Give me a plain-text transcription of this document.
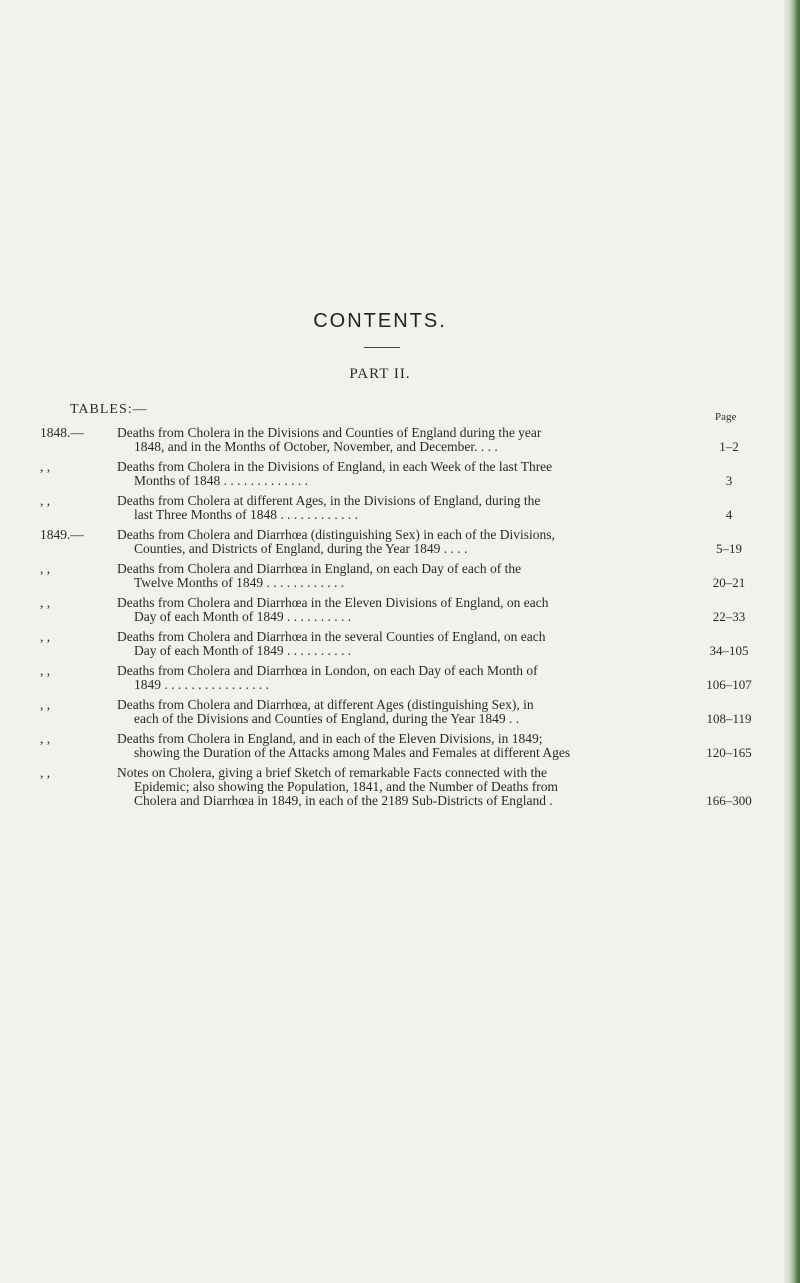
CONTENTS.
PART II.
TABLES:—	Page
1848.— Deaths from Cholera in the Divisions and Counties of England during the year
1848, and in the Months of October, November, and December. . . .	1–2
, ,	Deaths from Cholera in the Divisions of England, in each Week of the last Three
Months of 1848 . . . . . . . . . . . . .	3
, ,	Deaths from Cholera at different Ages, in the Divisions of England, during the
last Three Months of 1848 . . . . . . . . . . . .	4
1849.— Deaths from Cholera and Diarrhœa (distinguishing Sex) in each of the Divisions,
Counties, and Districts of England, during the Year 1849 . . . .	5–19
, ,	Deaths from Cholera and Diarrhœa in England, on each Day of each of the
Twelve Months of 1849 . . . . . . . . . . . .	20–21
, ,	Deaths from Cholera and Diarrhœa in the Eleven Divisions of England, on each
Day of each Month of 1849 . . . . . . . . . .	22–33
, ,	Deaths from Cholera and Diarrhœa in the several Counties of England, on each
Day of each Month of 1849 . . . . . . . . . .	34–105
, ,	Deaths from Cholera and Diarrhœa in London, on each Day of each Month of
1849 . . . . . . . . . . . . . . . .	106–107
, ,	Deaths from Cholera and Diarrhœa, at different Ages (distinguishing Sex), in
each of the Divisions and Counties of England, during the Year 1849 . .	108–119
, ,	Deaths from Cholera in England, and in each of the Eleven Divisions, in 1849;
showing the Duration of the Attacks among Males and Females at different Ages	120–165
, ,	Notes on Cholera, giving a brief Sketch of remarkable Facts connected with the
Epidemic; also showing the Population, 1841, and the Number of Deaths from
Cholera and Diarrhœa in 1849, in each of the 2189 Sub-Districts of England .	166–300
